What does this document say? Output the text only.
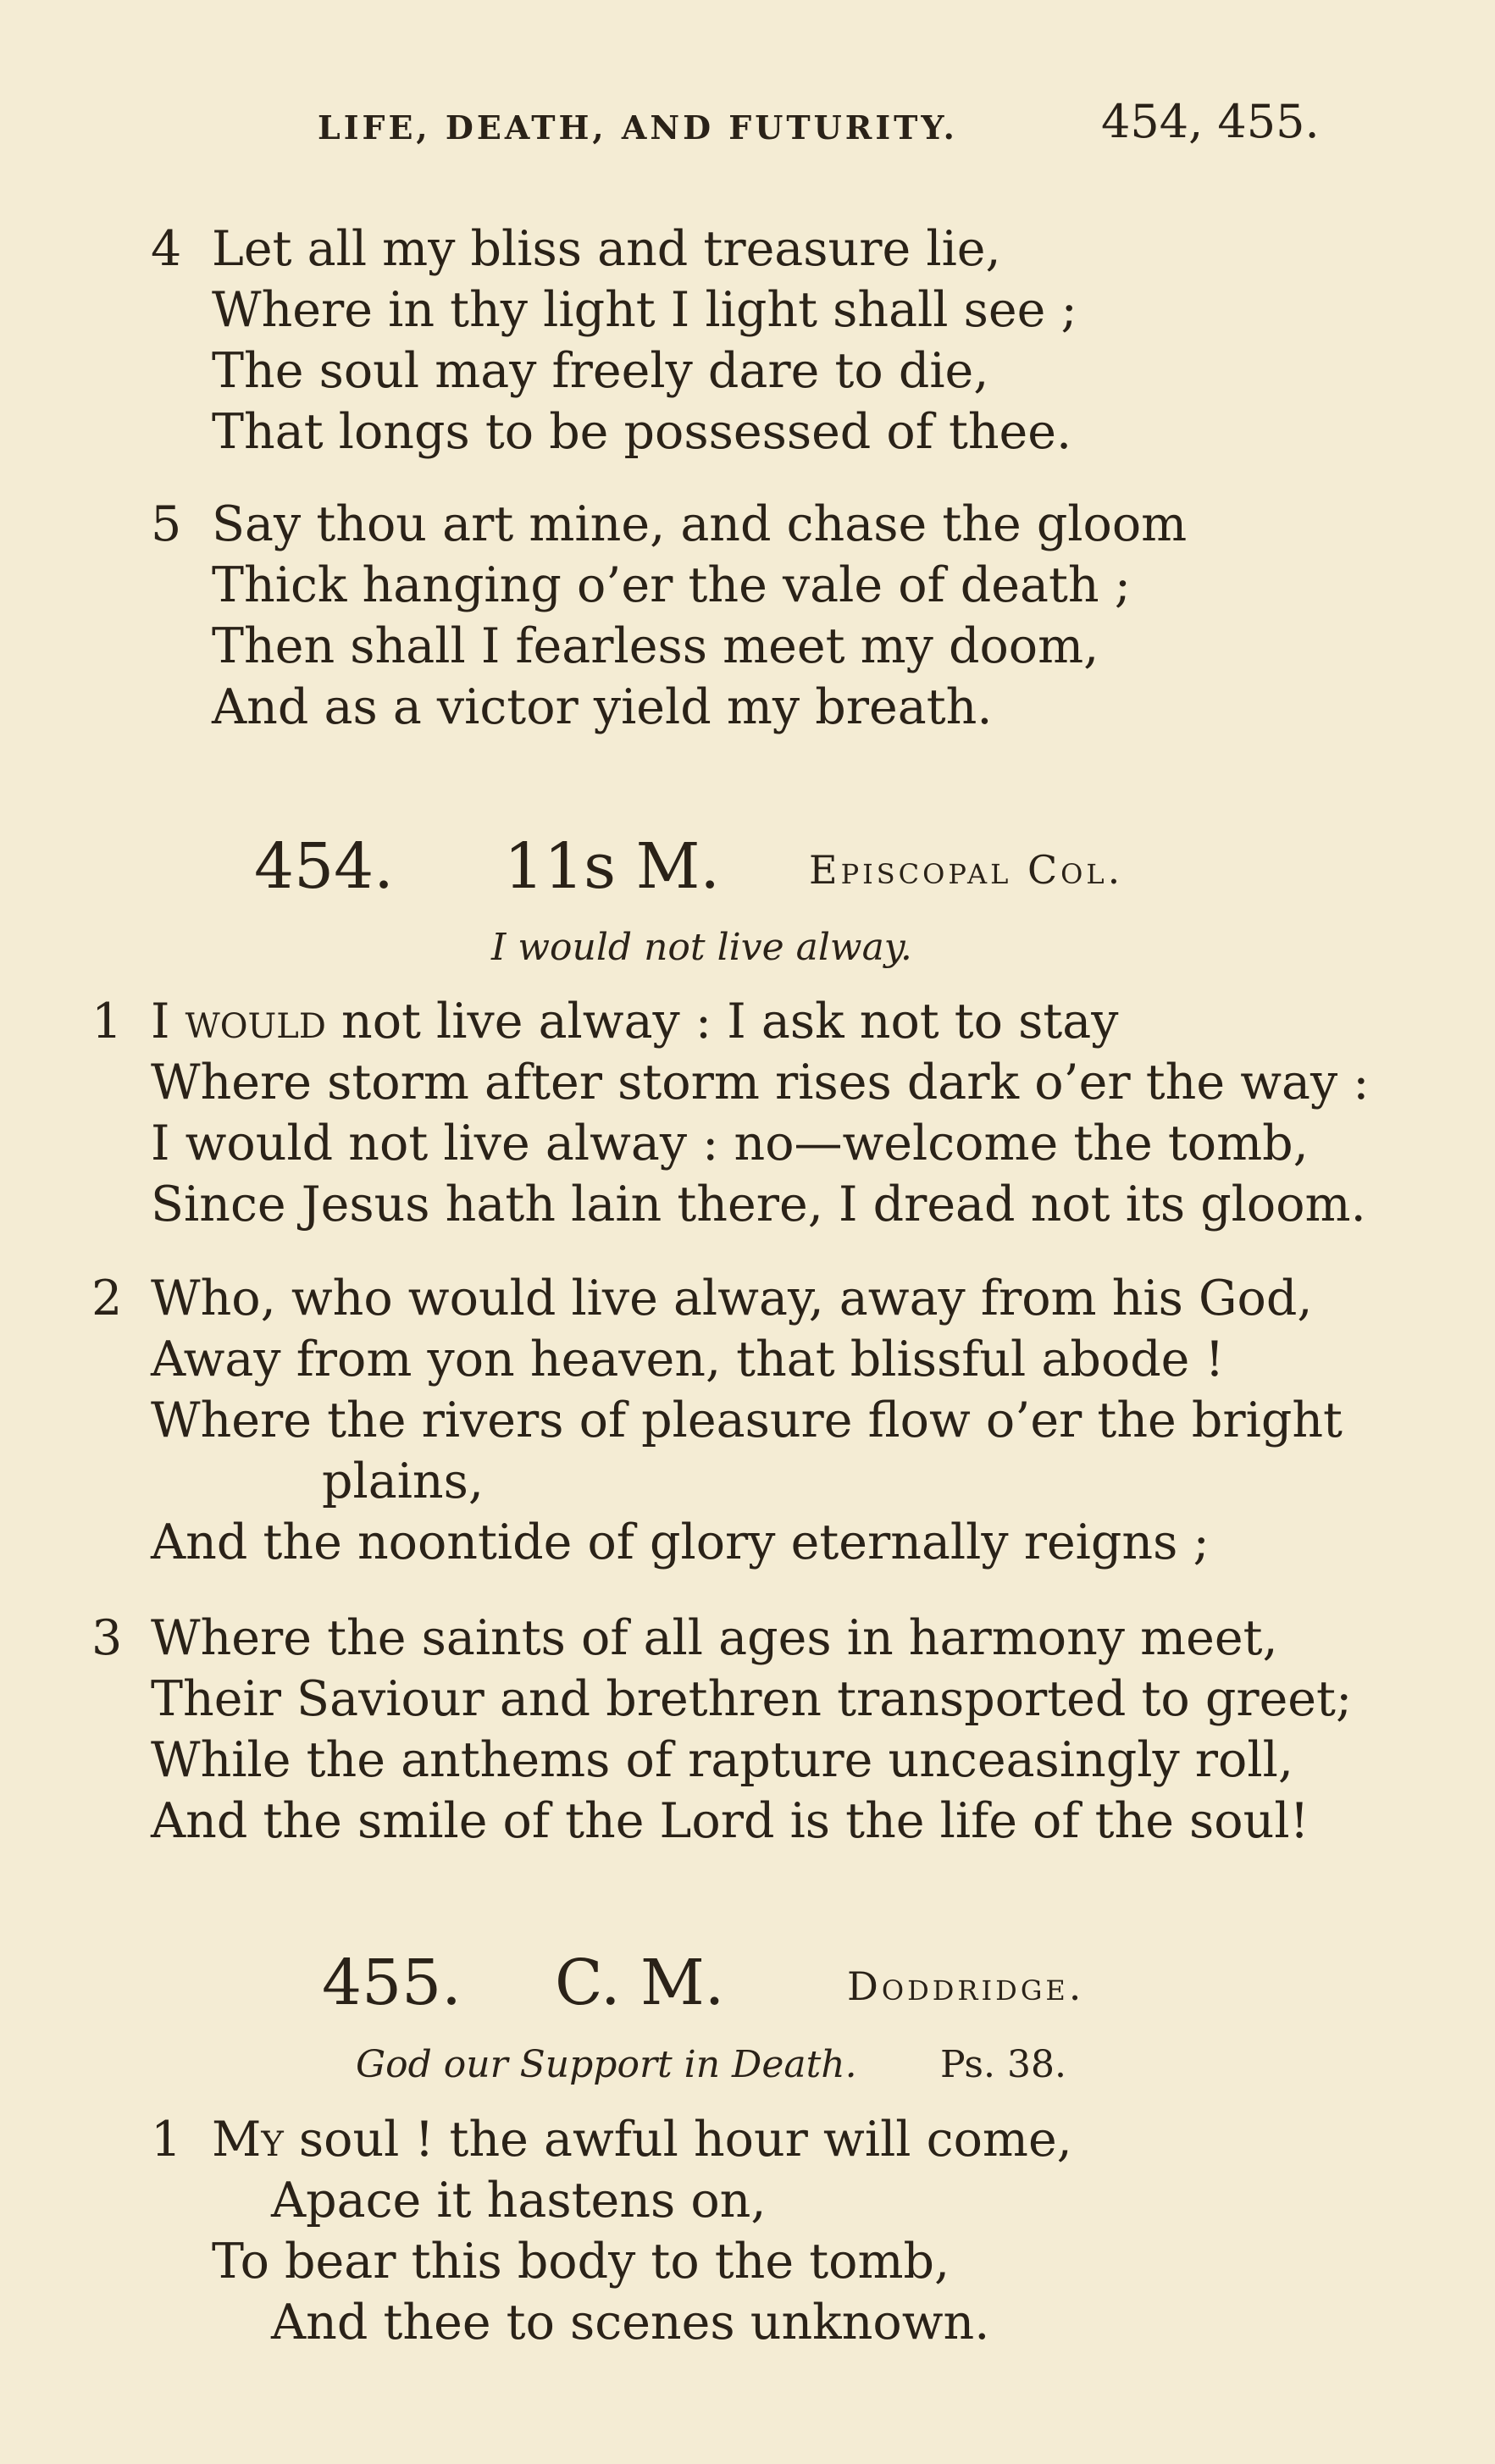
LIFE, DEATH, AND FUTURITY.	454, 455.
4 Let all my bliss and treasure lie,
Where in thy light I light shall see ;
The soul may freely dare to die,
That longs to be possessed of thee.
5 Say thou art mine, and chase the gloom
Thick hanging o’er the vale of death ;
Then shall I fearless meet my doom,
And as a victor yield my breath.
454. 11s M. Episcopal Col.
I would not live alway.
1 I would not live alway : I ask not to stay
Where storm after storm rises dark o’er the way :
I would not live alway : no—welcome the tomb,
Since Jesus hath lain there, I dread not its gloom.
2 Who, who would live alway, away from his God,
Away from yon heaven, that blissful abode !
Where the rivers of pleasure flow o’er the bright
plains,
And the noontide of glory eternally reigns ;
3 Where the saints of all ages in harmony meet,
Their Saviour and brethren transported to greet;
While the anthems of rapture unceasingly roll,
And the smile of the Lord is the life of the soul!
455. C. M.	Doddridge.
God our Support in Death. Ps. 38.
1 My soul ! the awful hour will come,
Apace it hastens on,
To bear this body to the tomb,
And thee to scenes unknown.
